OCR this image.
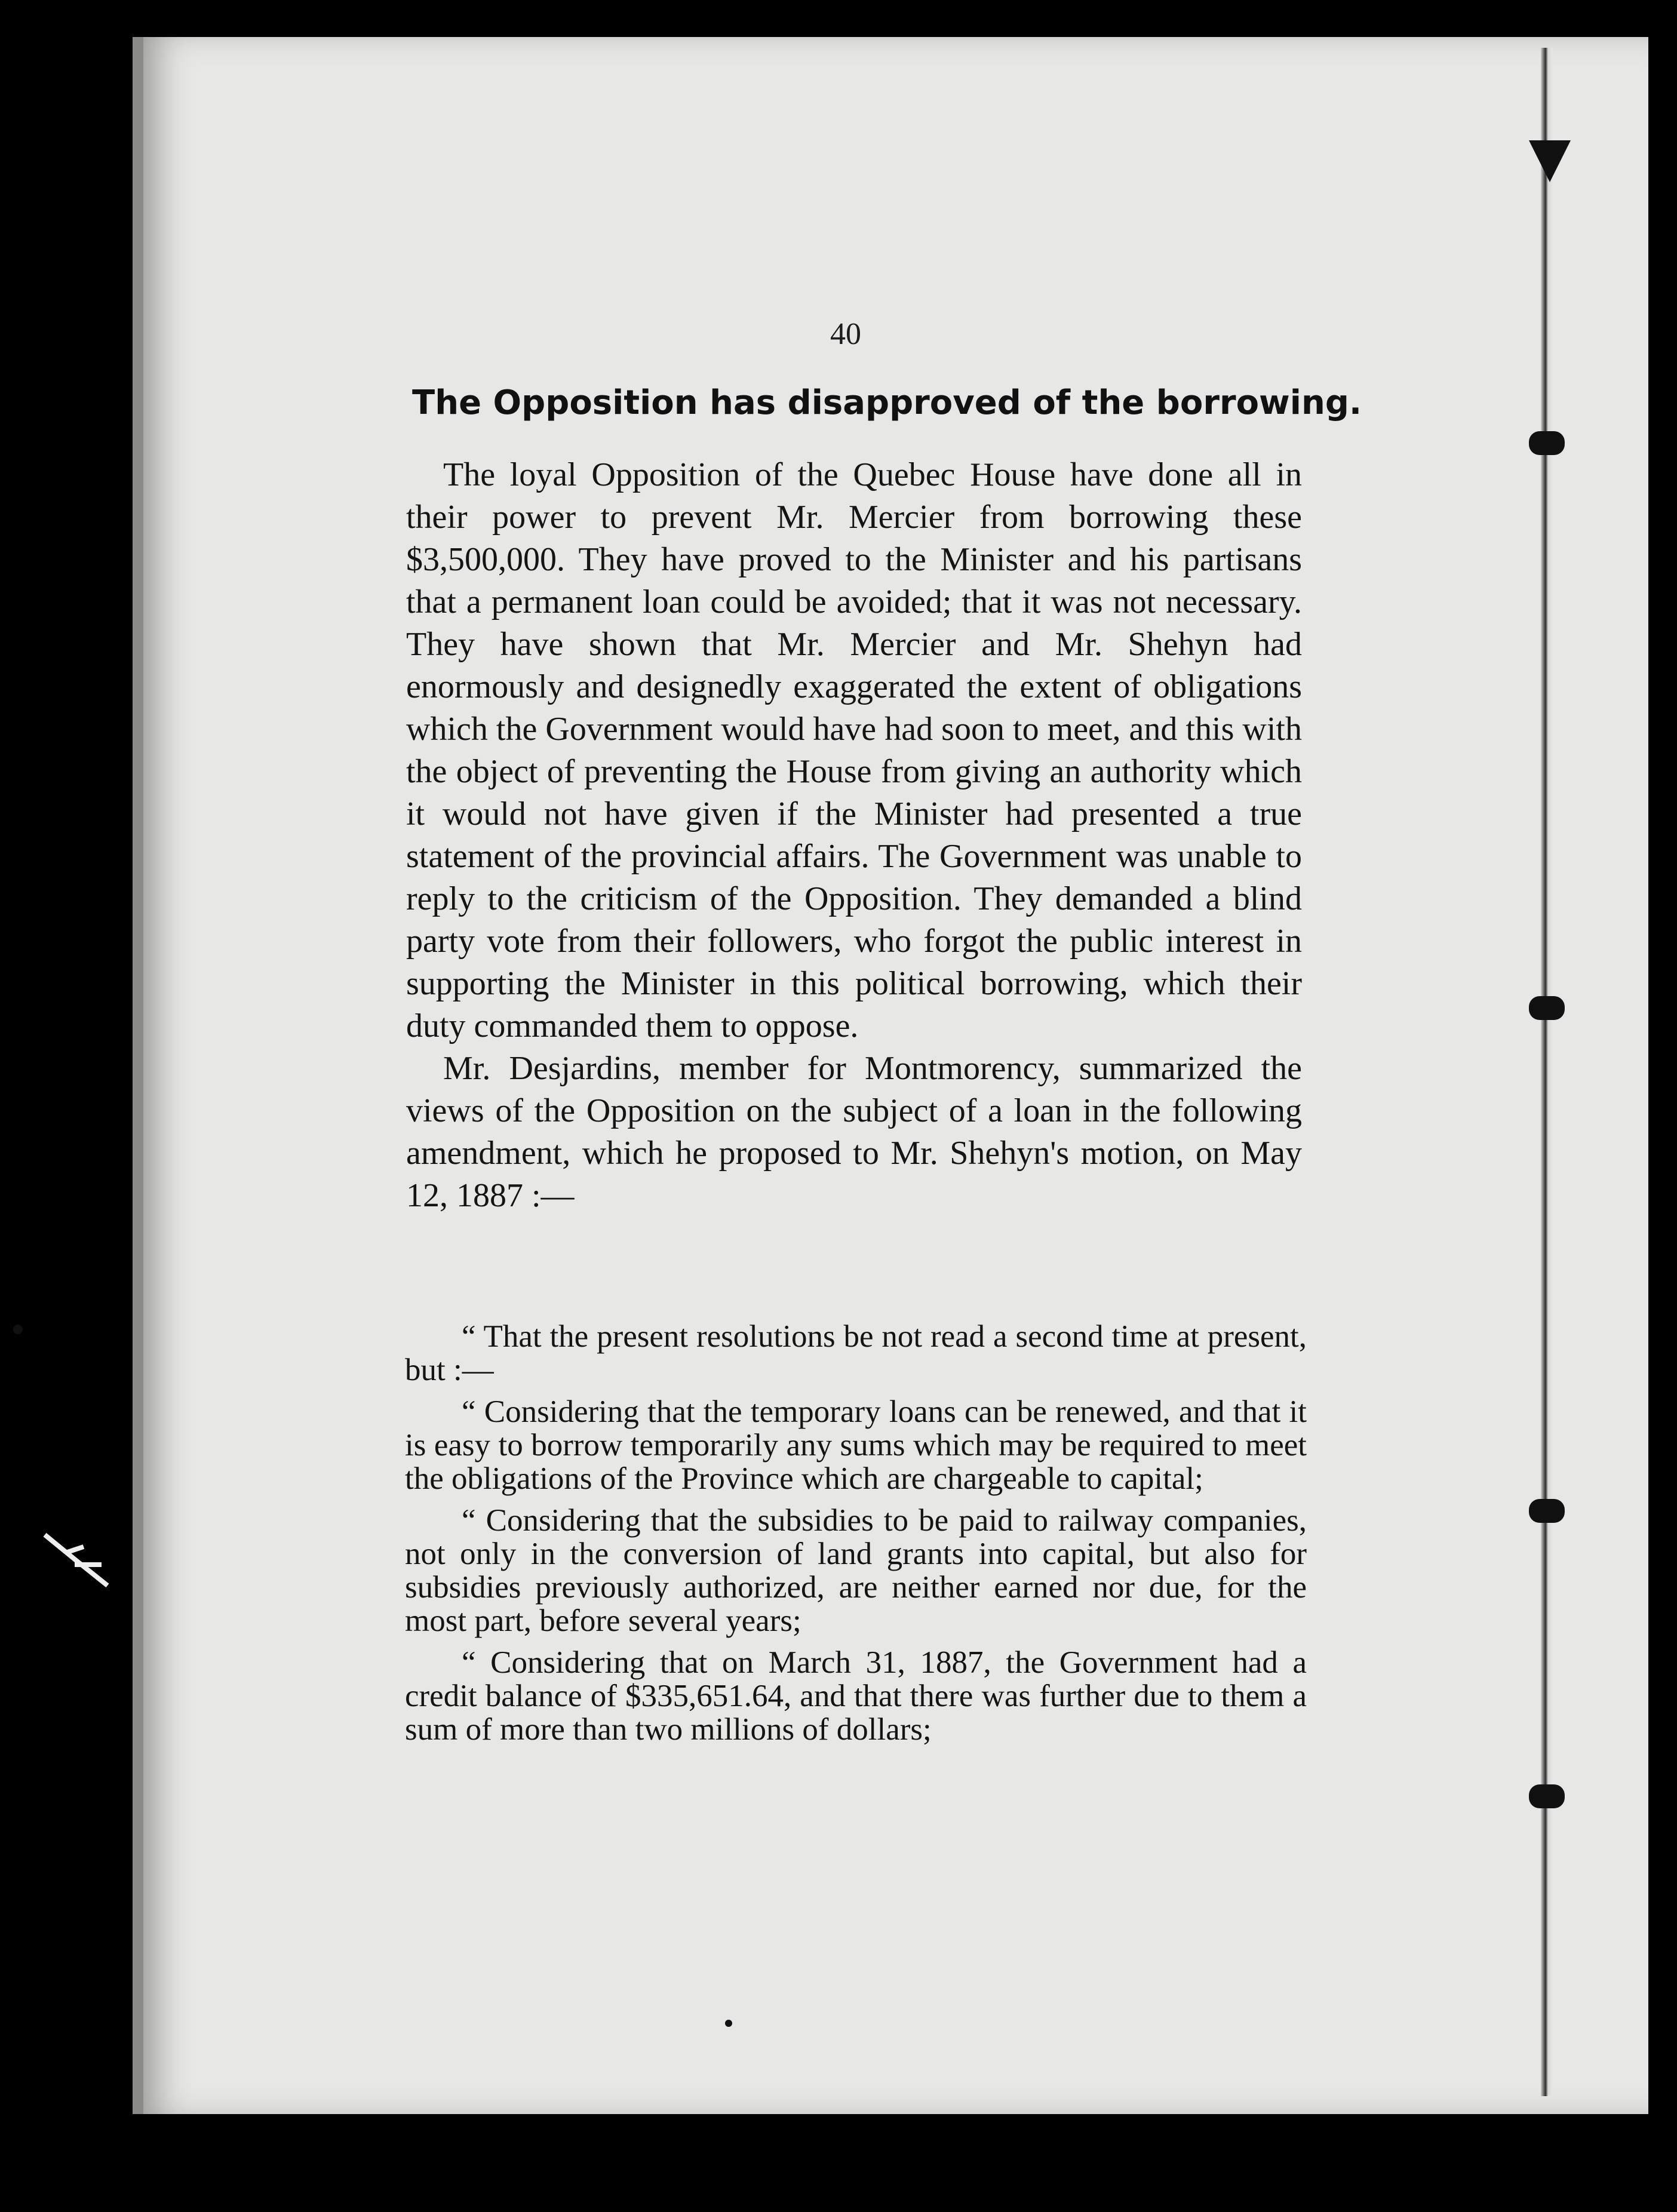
40
The Opposition has disapproved of the borrowing.

The loyal Opposition of the Quebec House have done all in their power to prevent Mr. Mercier from borrowing these $3,500,000. They have proved to the Minister and his partisans that a permanent loan could be avoided; that it was not necessary. They have shown that Mr. Mercier and Mr. Shehyn had enormously and designedly exaggerated the extent of obligations which the Government would have had soon to meet, and this with the object of preventing the House from giving an authority which it would not have given if the Minister had presented a true statement of the provincial affairs. The Government was unable to reply to the criticism of the Opposition. They demanded a blind party vote from their followers, who forgot the public interest in supporting the Minister in this political borrowing, which their duty commanded them to oppose.

Mr. Desjardins, member for Montmorency, summarized the views of the Opposition on the subject of a loan in the following amendment, which he proposed to Mr. Shehyn's motion, on May 12, 1887 :—

“ That the present resolutions be not read a second time at present, but :—

“ Considering that the temporary loans can be renewed, and that it is easy to borrow temporarily any sums which may be required to meet the obligations of the Province which are chargeable to capital;

“ Considering that the subsidies to be paid to railway companies, not only in the conversion of land grants into capital, but also for subsidies previously authorized, are neither earned nor due, for the most part, before several years;

“ Considering that on March 31, 1887, the Government had a credit balance of $335,651.64, and that there was further due to them a sum of more than two millions of dollars;
